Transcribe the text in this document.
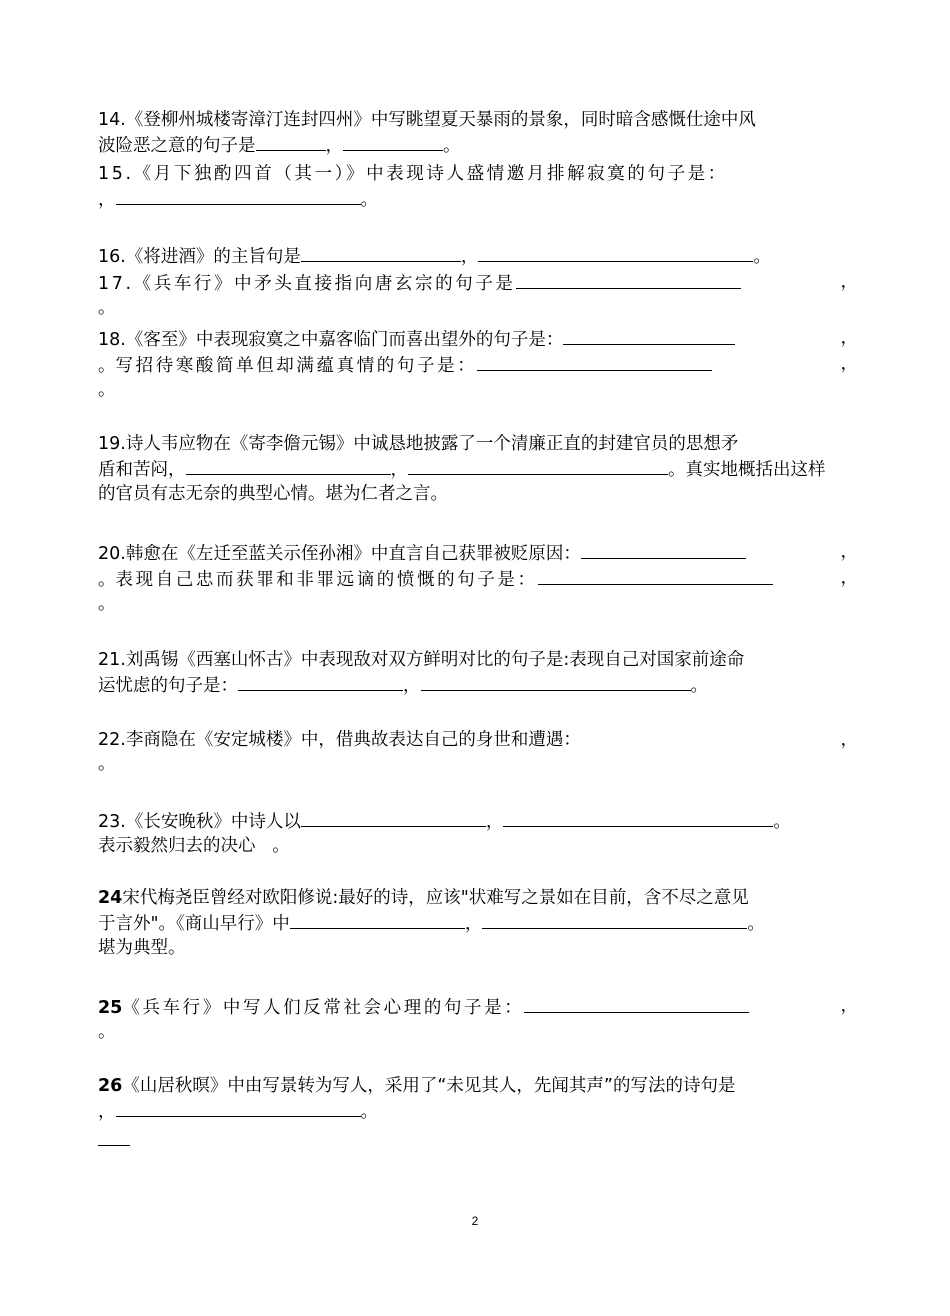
14.《登柳州城楼寄漳汀连封四州》中写眺望夏天暴雨的景象，同时暗含感慨仕途中风
波险恶之意的句子是	，	。
15.《月下独酌四首（其一）》中表现诗人盛情邀月排解寂寞的句子是：
，	。
16.《将进酒》的主旨句是	，	。
17.《兵车行》中矛头直接指向唐玄宗的句子是	，
。
18.《客至》中表现寂寞之中嘉客临门而喜出望外的句子是：	，
。写招待寒酸简单但却满蕴真情的句子是：	，
。
19.诗人韦应物在《寄李儋元锡》中诚恳地披露了一个清廉正直的封建官员的思想矛
盾和苦闷，	，	。真实地概括出这样
的官员有志无奈的典型心情。堪为仁者之言。
20.韩愈在《左迁至蓝关示侄孙湘》中直言自己获罪被贬原因：	，
。表现自己忠而获罪和非罪远谪的愤慨的句子是：	，
。
21.刘禹锡《西塞山怀古》中表现敌对双方鲜明对比的句子是:表现自己对国家前途命
运忧虑的句子是：	，	。
22.李商隐在《安定城楼》中，借典故表达自己的身世和遭遇：	，
。
23.《长安晚秋》中诗人以	，	。
表示毅然归去的决心 。
24宋代梅尧臣曾经对欧阳修说:最好的诗，应该"状难写之景如在目前，含不尽之意见
于言外"。《商山早行》中	，	。
堪为典型。
25《兵车行》中写人们反常社会心理的句子是：	，
。
26《山居秋暝》中由写景转为写人，采用了“未见其人，先闻其声”的写法的诗句是
，	。
2
